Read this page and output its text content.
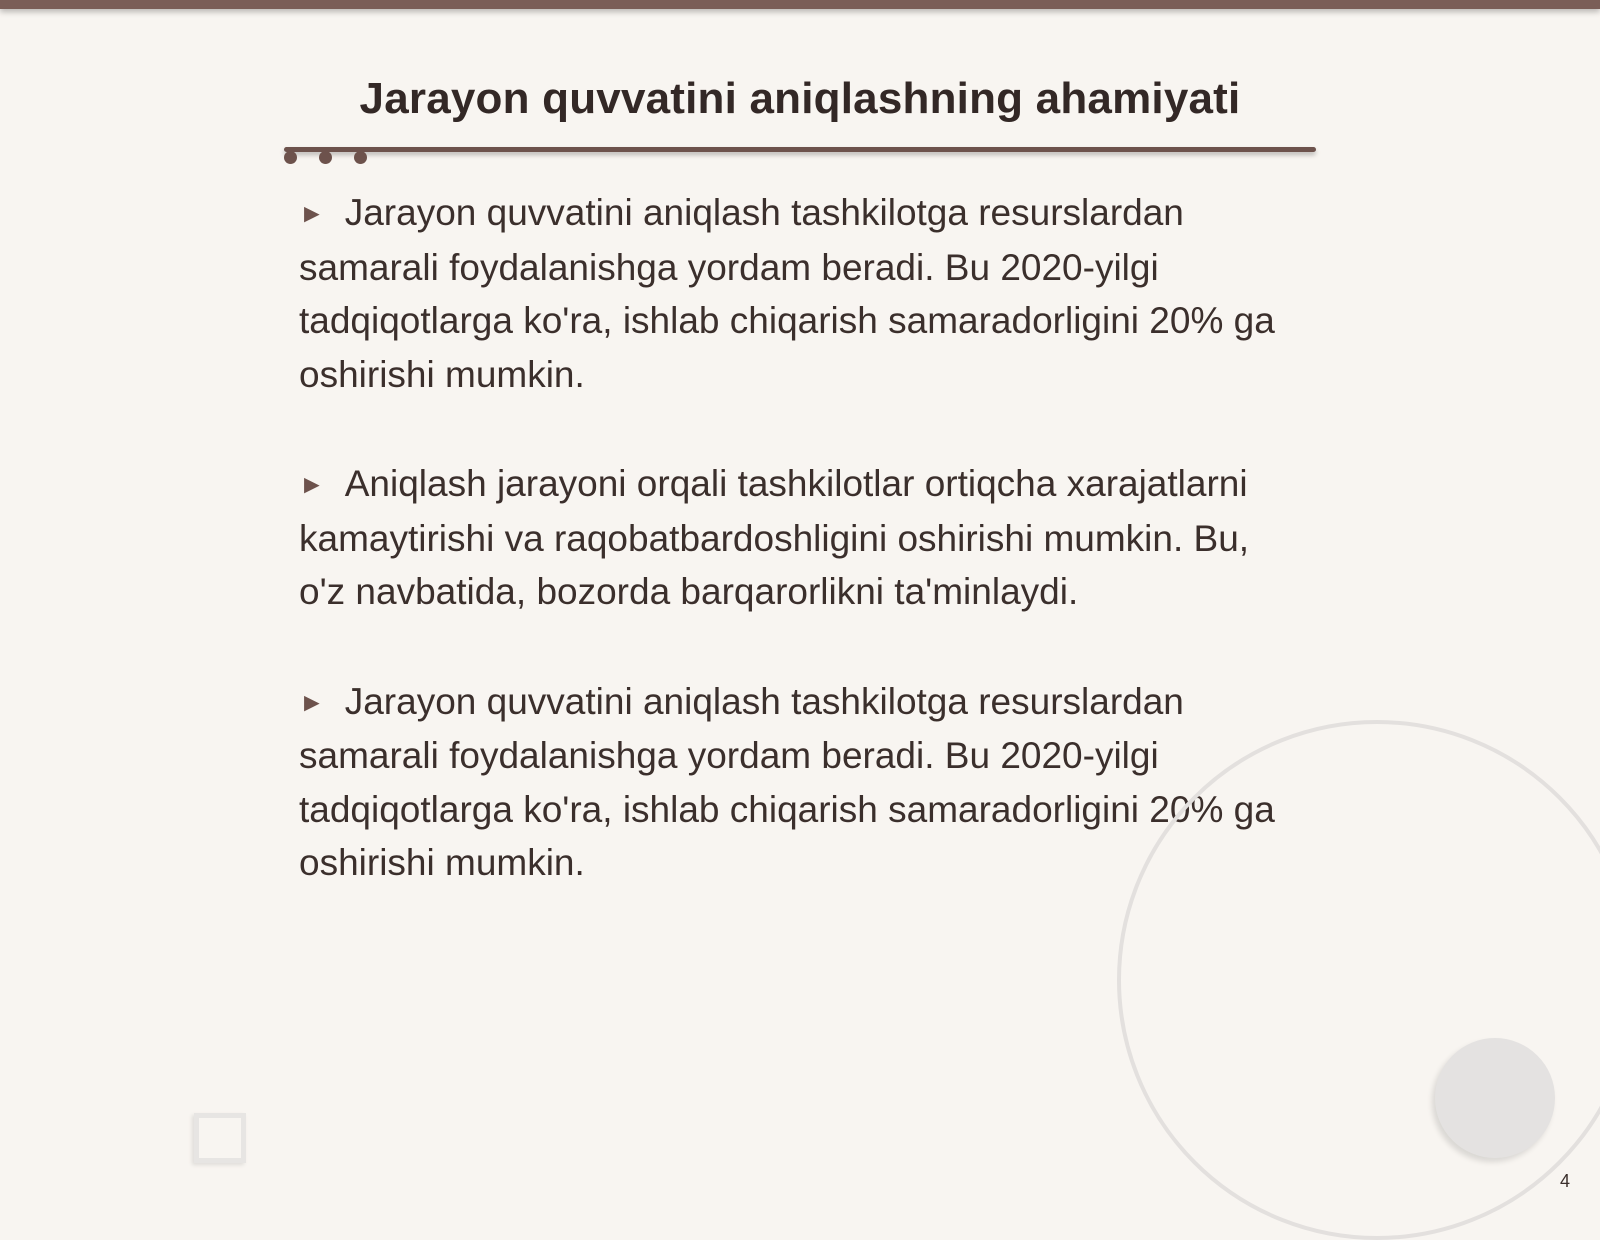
Jarayon quvvatini aniqlashning ahamiyati

► Jarayon quvvatini aniqlash tashkilotga resurslardan samarali foydalanishga yordam beradi. Bu 2020-yilgi tadqiqotlarga ko'ra, ishlab chiqarish samaradorligini 20% ga oshirishi mumkin.

► Aniqlash jarayoni orqali tashkilotlar ortiqcha xarajatlarni kamaytirishi va raqobatbardoshligini oshirishi mumkin. Bu, o'z navbatida, bozorda barqarorlikni ta'minlaydi.

► Jarayon quvvatini aniqlash tashkilotga resurslardan samarali foydalanishga yordam beradi. Bu 2020-yilgi tadqiqotlarga ko'ra, ishlab chiqarish samaradorligini 20% ga oshirishi mumkin.

4
